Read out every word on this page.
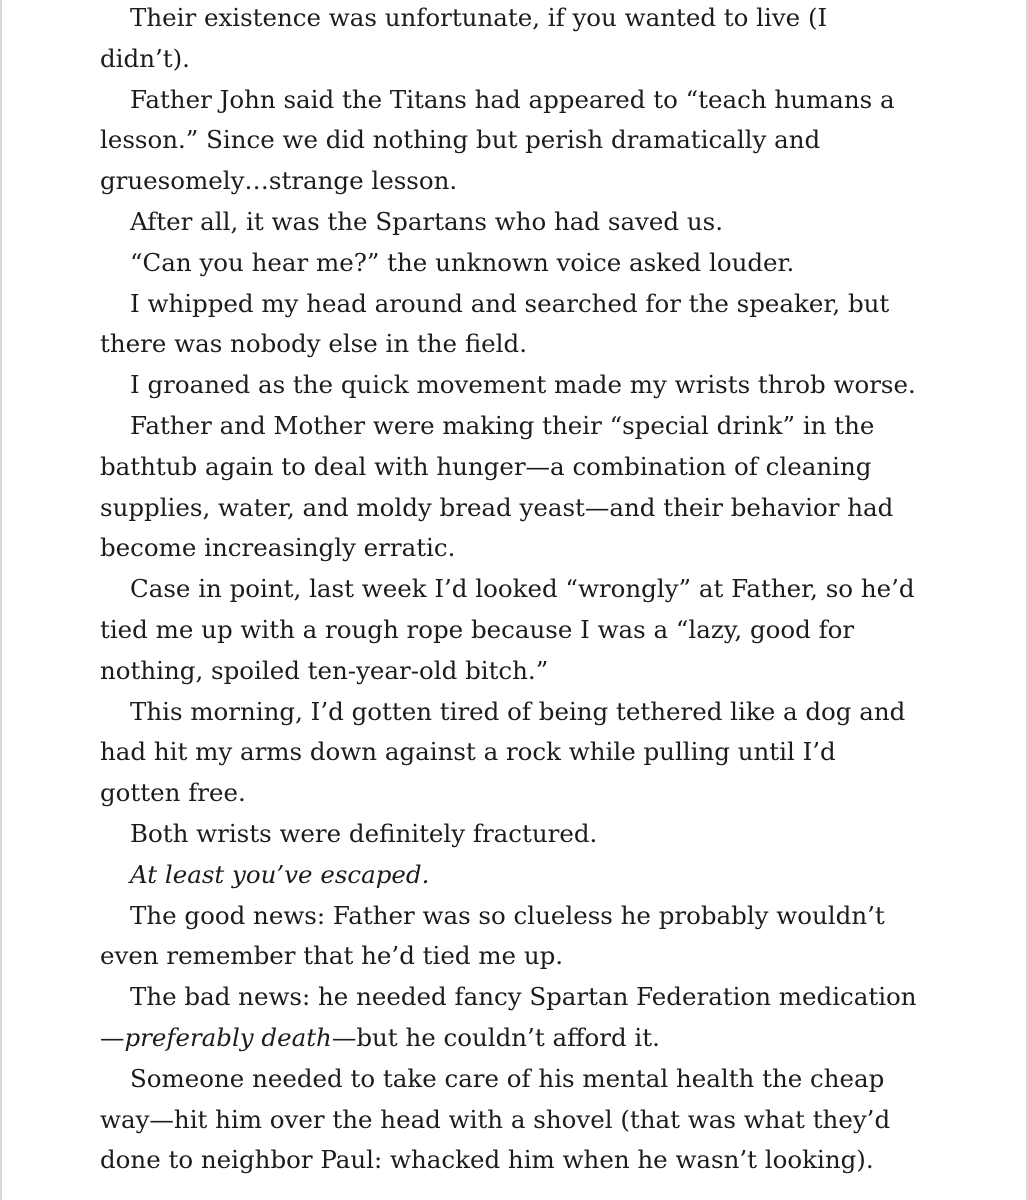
Their existence was unfortunate, if you wanted to live (I
didn’t).
Father John said the Titans had appeared to “teach humans a
lesson.” Since we did nothing but perish dramatically and
gruesomely…strange lesson.
After all, it was the Spartans who had saved us.
“Can you hear me?” the unknown voice asked louder.
I whipped my head around and searched for the speaker, but
there was nobody else in the field.
I groaned as the quick movement made my wrists throb worse.
Father and Mother were making their “special drink” in the
bathtub again to deal with hunger—a combination of cleaning
supplies, water, and moldy bread yeast—and their behavior had
become increasingly erratic.
Case in point, last week I’d looked “wrongly” at Father, so he’d
tied me up with a rough rope because I was a “lazy, good for
nothing, spoiled ten-year-old bitch.”
This morning, I’d gotten tired of being tethered like a dog and
had hit my arms down against a rock while pulling until I’d
gotten free.
Both wrists were definitely fractured.
At least you’ve escaped.
The good news: Father was so clueless he probably wouldn’t
even remember that he’d tied me up.
The bad news: he needed fancy Spartan Federation medication
—preferably death—but he couldn’t afford it.
Someone needed to take care of his mental health the cheap
way—hit him over the head with a shovel (that was what they’d
done to neighbor Paul: whacked him when he wasn’t looking).
